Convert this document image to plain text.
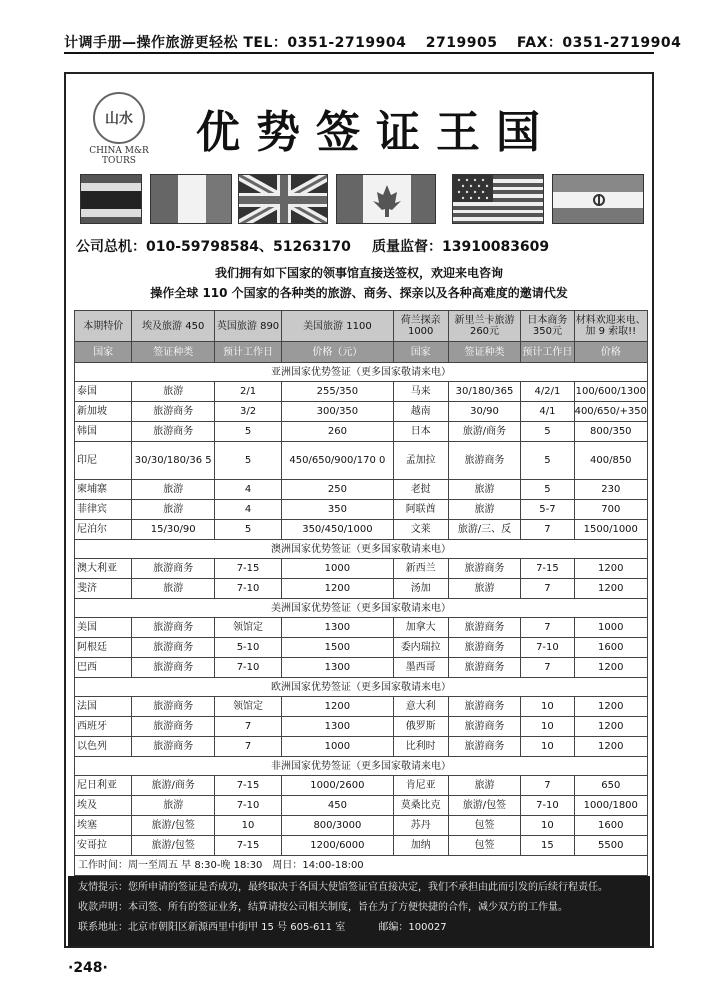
计调手册—操作旅游更轻松 TEL：0351-2719904 2719905 FAX：0351-2719904
山水
CHINA M&R
TOURS
优势签证王国
公司总机：010-59798584、51263170 质量监督：13910083609
我们拥有如下国家的领事馆直接送签权，欢迎来电咨询
操作全球 110 个国家的各种类的旅游、商务、探亲以及各种高难度的邀请代发
本期特价	埃及旅游 450	英国旅游 890	美国旅游 1100	荷兰探亲 1000	新里兰卡旅游 260元	日本商务 350元	材料欢迎来电、加 9 索取!!
国家	签证种类	预计工作日	价格（元）	国家	签证种类	预计工作日	价格
亚洲国家优势签证（更多国家敬请来电）							
泰国	旅游	2/1	255/350	马来	30/180/365	4/2/1	100/600/1300
新加坡	旅游商务	3/2	300/350	越南	30/90	4/1	400/650/+350
韩国	旅游商务	5	260	日本	旅游/商务	5	800/350
印尼	30/30/180/36 5	5	450/650/900/170 0	孟加拉	旅游商务	5	400/850
柬埔寨	旅游	4	250	老挝	旅游	5	230
菲律宾	旅游	4	350	阿联酋	旅游	5-7	700
尼泊尔	15/30/90	5	350/450/1000	文莱	旅游/三、反	7	1500/1000
澳洲国家优势签证（更多国家敬请来电）							
澳大利亚	旅游商务	7-15	1000	新西兰	旅游商务	7-15	1200
斐济	旅游	7-10	1200	汤加	旅游	7	1200
美洲国家优势签证（更多国家敬请来电）							
美国	旅游商务	领馆定	1300	加拿大	旅游商务	7	1000
阿根廷	旅游商务	5-10	1500	委内瑞拉	旅游商务	7-10	1600
巴西	旅游商务	7-10	1300	墨西哥	旅游商务	7	1200
欧洲国家优势签证（更多国家敬请来电）							
法国	旅游商务	领馆定	1200	意大利	旅游商务	10	1200
西班牙	旅游商务	7	1300	俄罗斯	旅游商务	10	1200
以色列	旅游商务	7	1000	比利时	旅游商务	10	1200
非洲国家优势签证（更多国家敬请来电）							
尼日利亚	旅游/商务	7-15	1000/2600	肯尼亚	旅游	7	650
埃及	旅游	7-10	450	莫桑比克	旅游/包签	7-10	1000/1800
埃塞	旅游/包签	10	800/3000	苏丹	包签	10	1600
安哥拉	旅游/包签	7-15	1200/6000	加纳	包签	15	5500
工作时间：周一至周五 早 8:30-晚 18:30　周日：14:00-18:00							
友情提示：您所申请的签证是否成功，最终取决于各国大使馆签证官直接决定，我们不承担由此而引发的后续行程责任。
收款声明：本司签、所有的签证业务，结算请按公司相关制度，旨在为了方便快捷的合作，减少双方的工作量。
联系地址：北京市朝阳区新源西里中街甲 15 号 605-611 室	邮编：100027
·248·
